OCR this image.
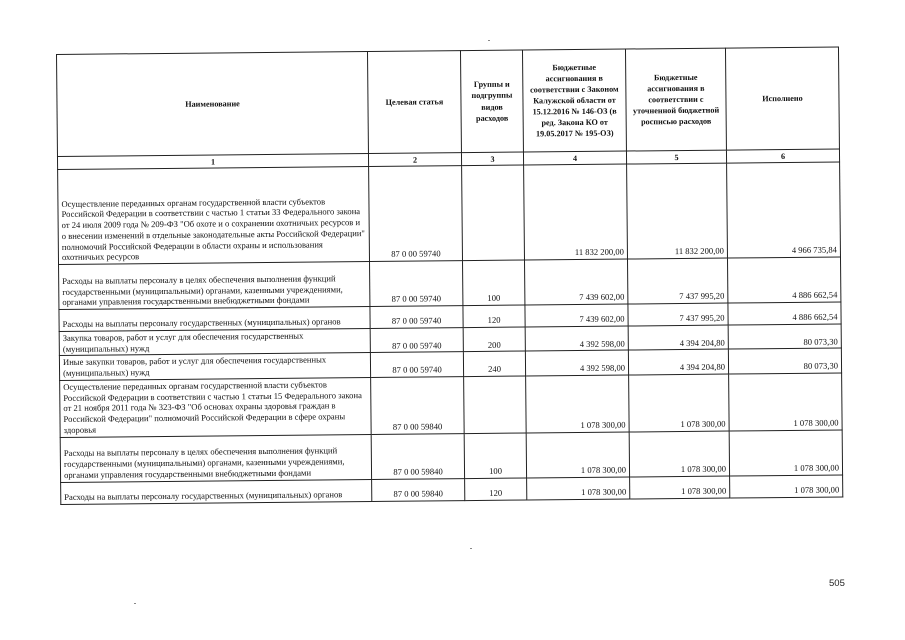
Наименование	Целевая статья	Группы и подгруппы видов расходов	Бюджетные ассигнования в соответствии с Законом Калужской области от 15.12.2016 № 146-ОЗ (в ред. Закона КО от 19.05.2017 № 195-ОЗ)	Бюджетные ассигнования в соответствии с уточненной бюджетной росписью расходов	Исполнено
1	2	3	4	5	6
Осуществление переданных органам государственной власти субъектов Российской Федерации в соответствии с частью 1 статьи 33 Федерального закона от 24 июля 2009 года № 209-ФЗ "Об охоте и о сохранении охотничьих ресурсов и о внесении изменений в отдельные законодательные акты Российской Федерации" полномочий Российской Федерации в области охраны и использования охотничьих ресурсов	87 0 00 59740		11 832 200,00	11 832 200,00	4 966 735,84
Расходы на выплаты персоналу в целях обеспечения выполнения функций государственными (муниципальными) органами, казенными учреждениями, органами управления государственными внебюджетными фондами	87 0 00 59740	100	7 439 602,00	7 437 995,20	4 886 662,54
Расходы на выплаты персоналу государственных (муниципальных) органов	87 0 00 59740	120	7 439 602,00	7 437 995,20	4 886 662,54
Закупка товаров, работ и услуг для обеспечения государственных (муниципальных) нужд	87 0 00 59740	200	4 392 598,00	4 394 204,80	80 073,30
Иные закупки товаров, работ и услуг для обеспечения государственных (муниципальных) нужд	87 0 00 59740	240	4 392 598,00	4 394 204,80	80 073,30
Осуществление переданных органам государственной власти субъектов Российской Федерации в соответствии с частью 1 статьи 15 Федерального закона от 21 ноября 2011 года № 323-ФЗ "Об основах охраны здоровья граждан в Российской Федерации" полномочий Российской Федерации в сфере охраны здоровья	87 0 00 59840		1 078 300,00	1 078 300,00	1 078 300,00
Расходы на выплаты персоналу в целях обеспечения выполнения функций государственными (муниципальными) органами, казенными учреждениями, органами управления государственными внебюджетными фондами	87 0 00 59840	100	1 078 300,00	1 078 300,00	1 078 300,00
Расходы на выплаты персоналу государственных (муниципальных) органов	87 0 00 59840	120	1 078 300,00	1 078 300,00	1 078 300,00
505
